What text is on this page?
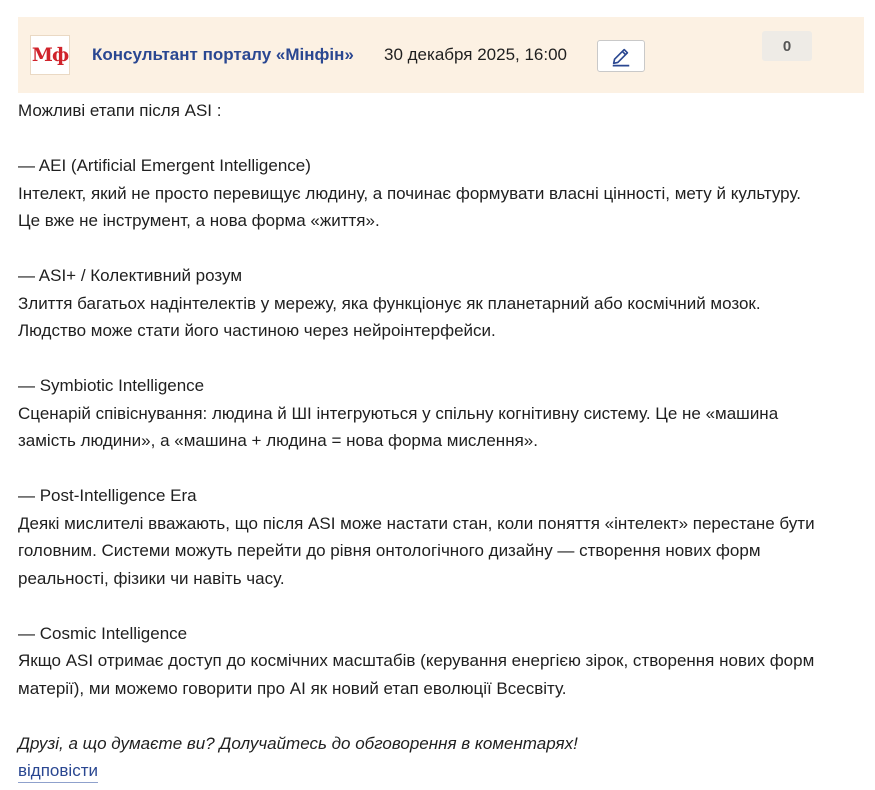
Мф Консультант порталу «Мінфін» 30 декабря 2025, 16:00	0

Можливі етапи після ASI :

— AEI (Artificial Emergent Intelligence)

Інтелект, який не просто перевищує людину, а починає формувати власні цінності, мету й культуру.

Це вже не інструмент, а нова форма «життя».

— ASI+ / Колективний розум

Злиття багатьох надінтелектів у мережу, яка функціонує як планетарний або космічний мозок.

Людство може стати його частиною через нейроінтерфейси.

— Symbiotic Intelligence

Сценарій співіснування: людина й ШІ інтегруються у спільну когнітивну систему. Це не «машина

замість людини», а «машина + людина = нова форма мислення».

— Post-Intelligence Era

Деякі мислителі вважають, що після ASI може настати стан, коли поняття «інтелект» перестане бути

головним. Системи можуть перейти до рівня онтологічного дизайну — створення нових форм

реальності, фізики чи навіть часу.

— Cosmic Intelligence

Якщо ASI отримає доступ до космічних масштабів (керування енергією зірок, створення нових форм

матерії), ми можемо говорити про AI як новий етап еволюції Всесвіту.

Друзі, а що думаєте ви? Долучайтесь до обговорення в коментарях!

відповісти
